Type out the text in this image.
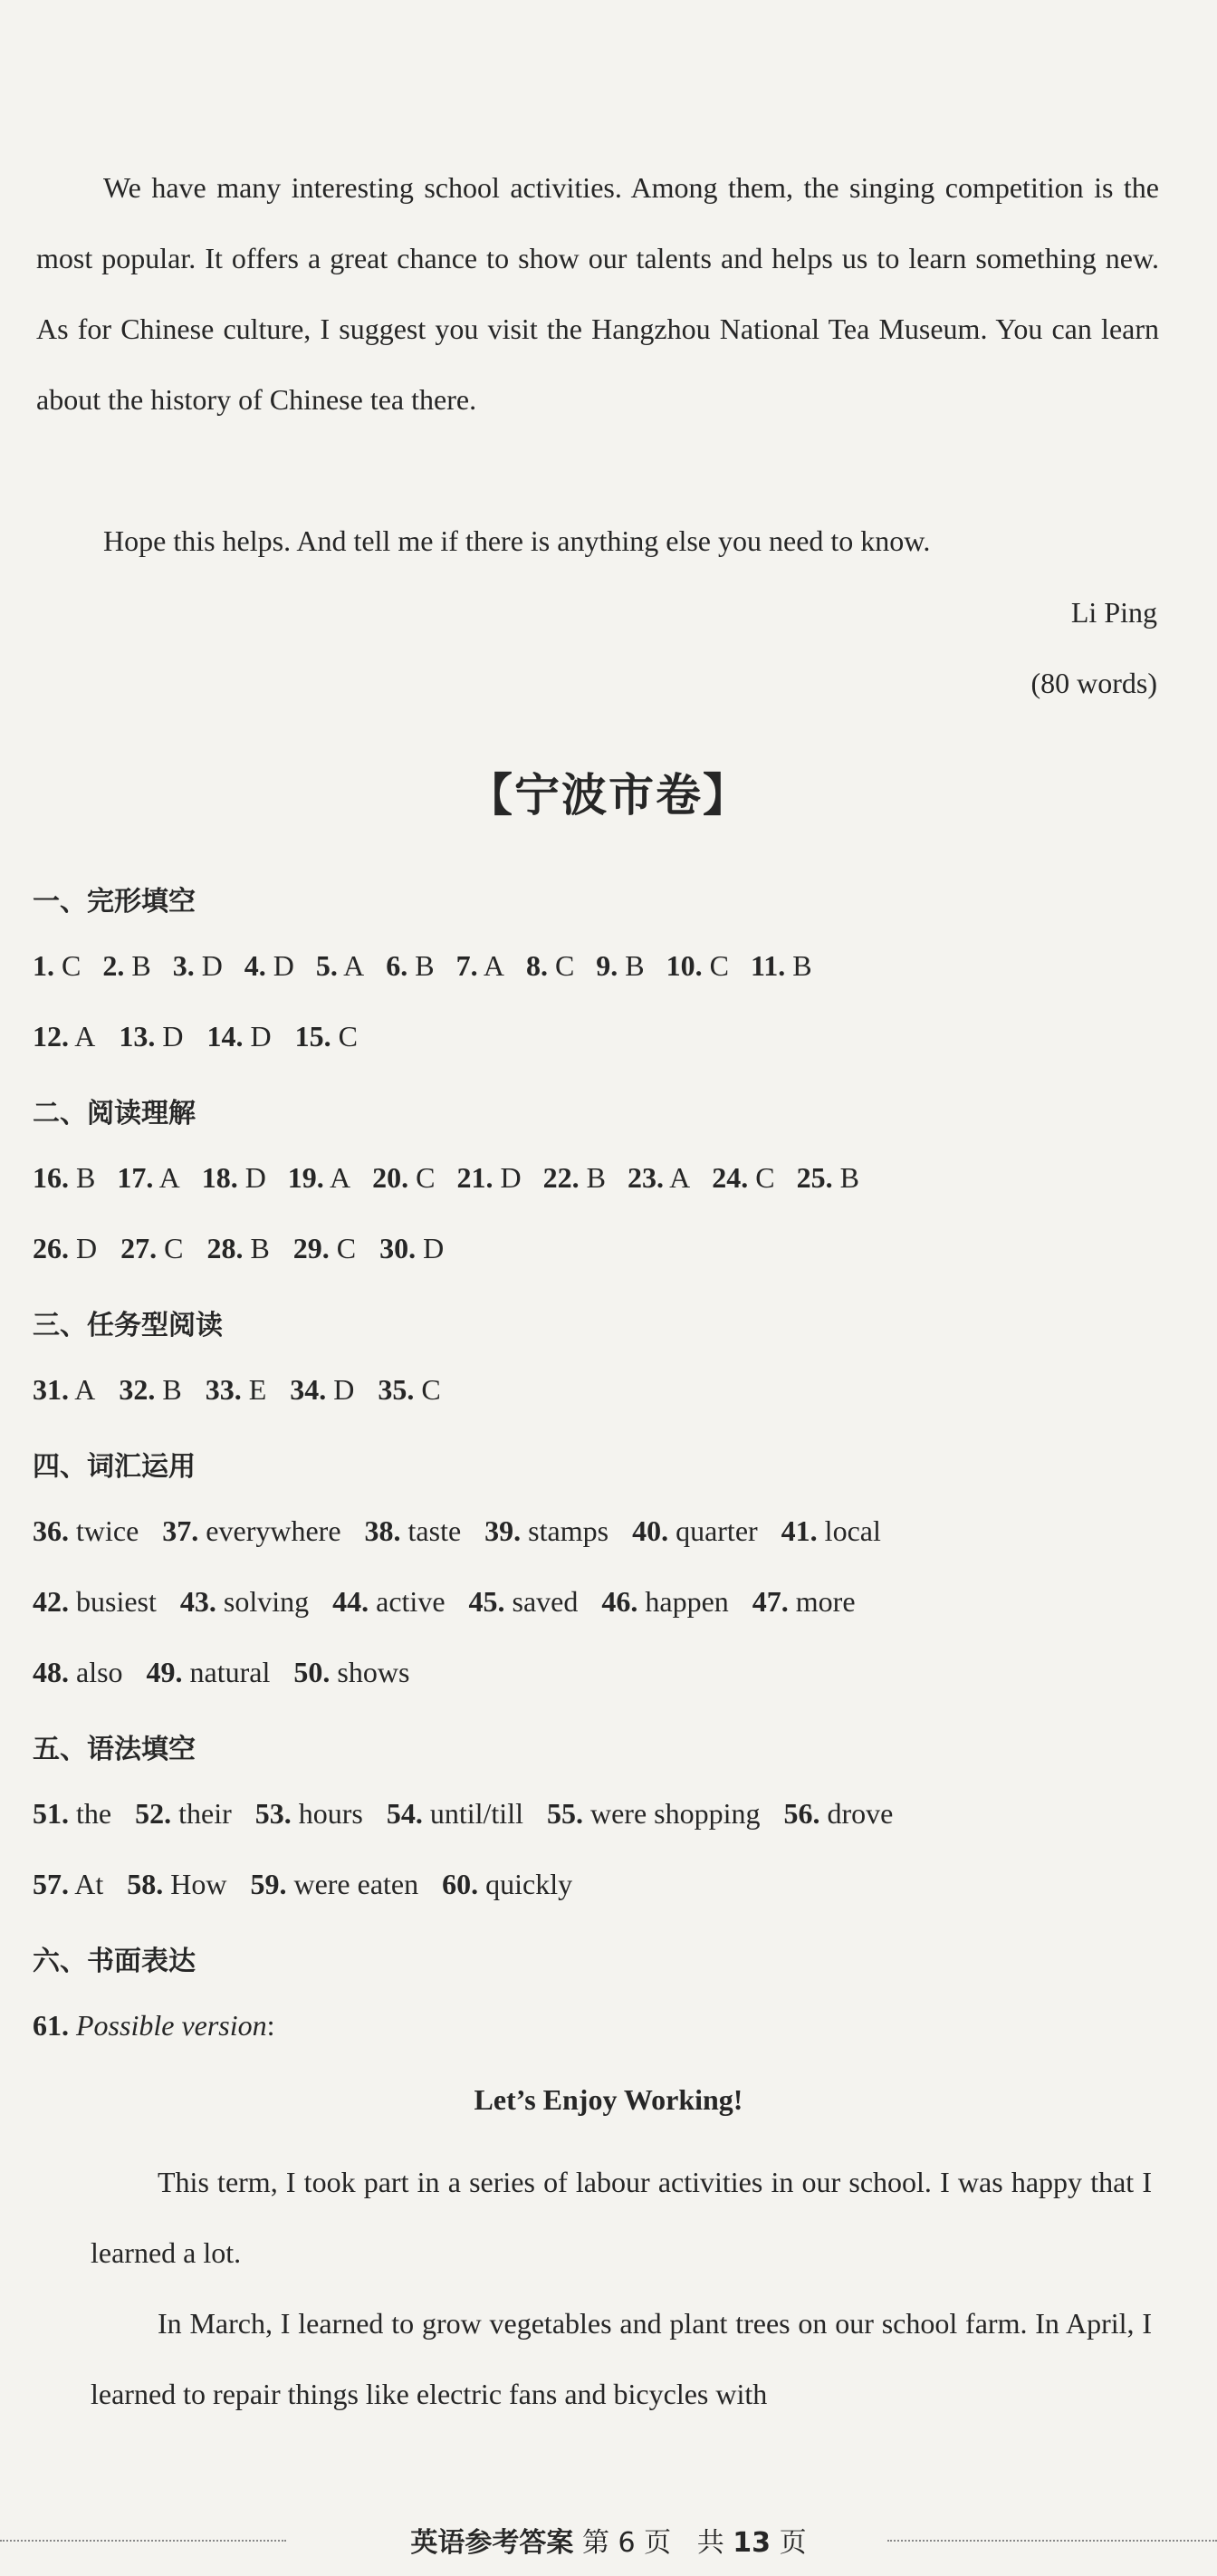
We have many interesting school activities. Among them, the singing competition is the most popular. It offers a great chance to show our talents and helps us to learn something new. As for Chinese culture, I suggest you visit the Hangzhou National Tea Museum. You can learn about the history of Chinese tea there.

Hope this helps. And tell me if there is anything else you need to know.

Li Ping
(80 words)
【宁波市卷】
一、完形填空
1. C 2. B 3. D 4. D 5. A 6. B 7. A 8. C 9. B 10. C 11. B
12. A 13. D 14. D 15. C
二、阅读理解
16. B 17. A 18. D 19. A 20. C 21. D 22. B 23. A 24. C 25. B
26. D 27. C 28. B 29. C 30. D
三、任务型阅读
31. A 32. B 33. E 34. D 35. C
四、词汇运用
36. twice 37. everywhere 38. taste 39. stamps 40. quarter 41. local
42. busiest 43. solving 44. active 45. saved 46. happen 47. more
48. also 49. natural 50. shows
五、语法填空
51. the 52. their 53. hours 54. until/till 55. were shopping 56. drove
57. At 58. How 59. were eaten 60. quickly
六、书面表达
61. Possible version:
Let’s Enjoy Working!

This term, I took part in a series of labour activities in our school. I was happy that I learned a lot.

In March, I learned to grow vegetables and plant trees on our school farm. In April, I learned to repair things like electric fans and bicycles with

英语参考答案 第 6 页 共 13 页
